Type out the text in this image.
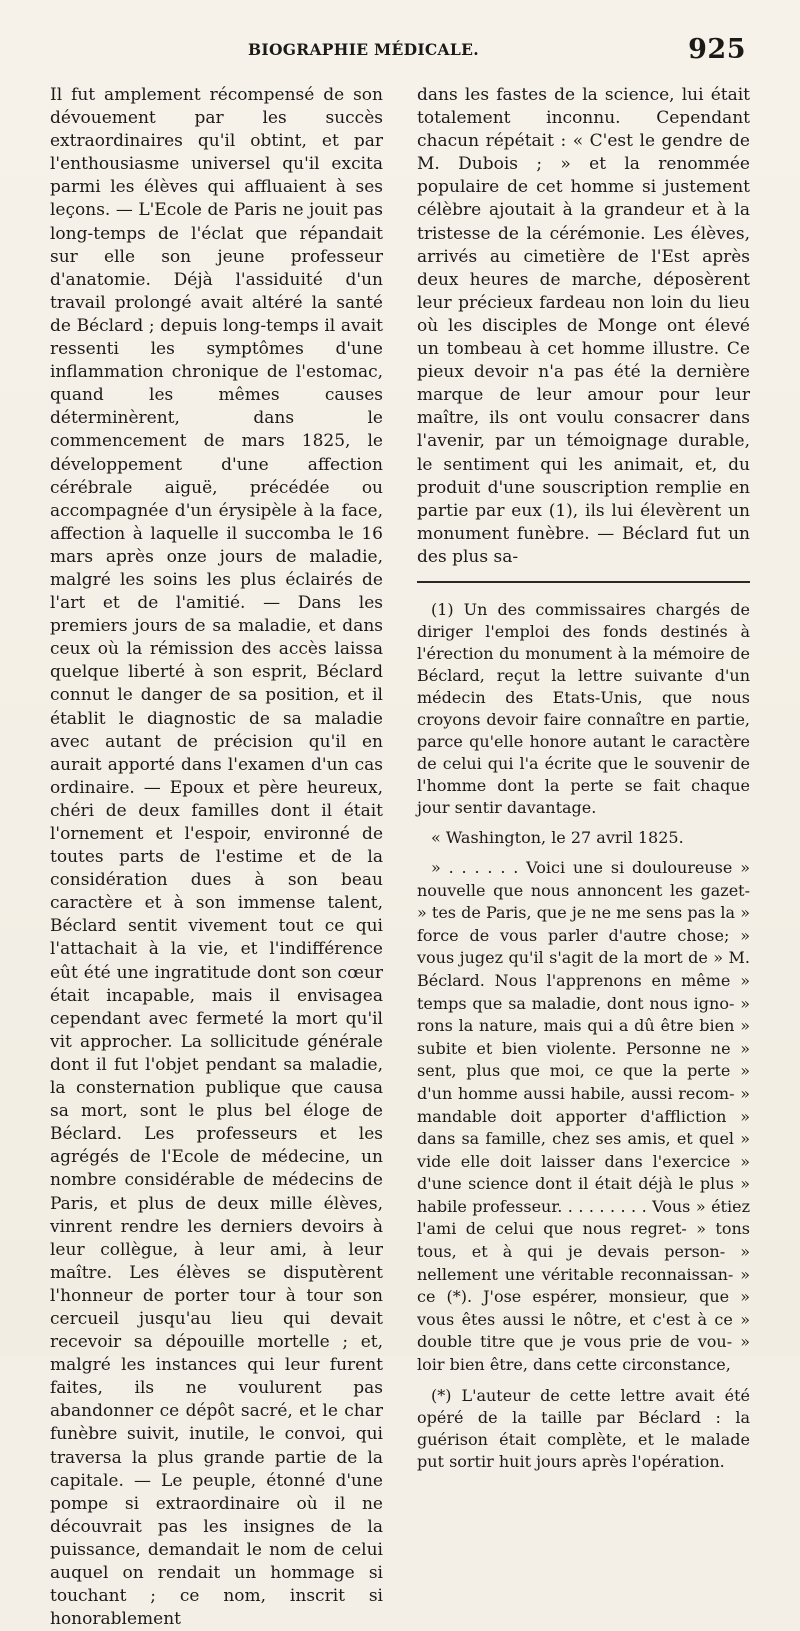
BIOGRAPHIE MÉDICALE.	925

Il fut amplement récompensé de son dévouement par les succès extraordinaires qu'il obtint, et par l'enthousiasme universel qu'il excita parmi les élèves qui affluaient à ses leçons. — L'Ecole de Paris ne jouit pas long-temps de l'éclat que répandait sur elle son jeune professeur d'anatomie. Déjà l'assiduité d'un travail prolongé avait altéré la santé de Béclard ; depuis long-temps il avait ressenti les symptômes d'une inflammation chronique de l'estomac, quand les mêmes causes déterminèrent, dans le commencement de mars 1825, le développement d'une affection cérébrale aiguë, précédée ou accompagnée d'un érysipèle à la face, affection à laquelle il succomba le 16 mars après onze jours de maladie, malgré les soins les plus éclairés de l'art et de l'amitié. — Dans les premiers jours de sa maladie, et dans ceux où la rémission des accès laissa quelque liberté à son esprit, Béclard connut le danger de sa position, et il établit le diagnostic de sa maladie avec autant de précision qu'il en aurait apporté dans l'examen d'un cas ordinaire. — Epoux et père heureux, chéri de deux familles dont il était l'ornement et l'espoir, environné de toutes parts de l'estime et de la considération dues à son beau caractère et à son immense talent, Béclard sentit vivement tout ce qui l'attachait à la vie, et l'indifférence eût été une ingratitude dont son cœur était incapable, mais il envisagea cependant avec fermeté la mort qu'il vit approcher. La sollicitude générale dont il fut l'objet pendant sa maladie, la consternation publique que causa sa mort, sont le plus bel éloge de Béclard. Les professeurs et les agrégés de l'Ecole de médecine, un nombre considérable de médecins de Paris, et plus de deux mille élèves, vinrent rendre les derniers devoirs à leur collègue, à leur ami, à leur maître. Les élèves se disputèrent l'honneur de porter tour à tour son cercueil jusqu'au lieu qui devait recevoir sa dépouille mortelle ; et, malgré les instances qui leur furent faites, ils ne voulurent pas abandonner ce dépôt sacré, et le char funèbre suivit, inutile, le convoi, qui traversa la plus grande partie de la capitale. — Le peuple, étonné d'une pompe si extraordinaire où il ne découvrait pas les insignes de la puissance, demandait le nom de celui auquel on rendait un hommage si touchant ; ce nom, inscrit si honorablement

dans les fastes de la science, lui était totalement inconnu. Cependant chacun répétait : « C'est le gendre de M. Dubois ; » et la renommée populaire de cet homme si justement célèbre ajoutait à la grandeur et à la tristesse de la cérémonie. Les élèves, arrivés au cimetière de l'Est après deux heures de marche, déposèrent leur précieux fardeau non loin du lieu où les disciples de Monge ont élevé un tombeau à cet homme illustre. Ce pieux devoir n'a pas été la dernière marque de leur amour pour leur maître, ils ont voulu consacrer dans l'avenir, par un témoignage durable, le sentiment qui les animait, et, du produit d'une souscription remplie en partie par eux (1), ils lui élevèrent un monument funèbre. — Béclard fut un des plus sa-

(1) Un des commissaires chargés de diriger l'emploi des fonds destinés à l'érection du monument à la mémoire de Béclard, reçut la lettre suivante d'un médecin des Etats-Unis, que nous croyons devoir faire connaître en partie, parce qu'elle honore autant le caractère de celui qui l'a écrite que le souvenir de l'homme dont la perte se fait chaque jour sentir davantage.

« Washington, le 27 avril 1825.

» . . . . . . Voici une si douloureuse » nouvelle que nous annoncent les gazet- » tes de Paris, que je ne me sens pas la » force de vous parler d'autre chose; » vous jugez qu'il s'agit de la mort de » M. Béclard. Nous l'apprenons en même » temps que sa maladie, dont nous igno- » rons la nature, mais qui a dû être bien » subite et bien violente. Personne ne » sent, plus que moi, ce que la perte » d'un homme aussi habile, aussi recom- » mandable doit apporter d'affliction » dans sa famille, chez ses amis, et quel » vide elle doit laisser dans l'exercice » d'une science dont il était déjà le plus » habile professeur. . . . . . . . . Vous » étiez l'ami de celui que nous regret- » tons tous, et à qui je devais person- » nellement une véritable reconnaissan- » ce (*). J'ose espérer, monsieur, que » vous êtes aussi le nôtre, et c'est à ce » double titre que je vous prie de vou- » loir bien être, dans cette circonstance,

(*) L'auteur de cette lettre avait été opéré de la taille par Béclard : la guérison était complète, et le malade put sortir huit jours après l'opération.
